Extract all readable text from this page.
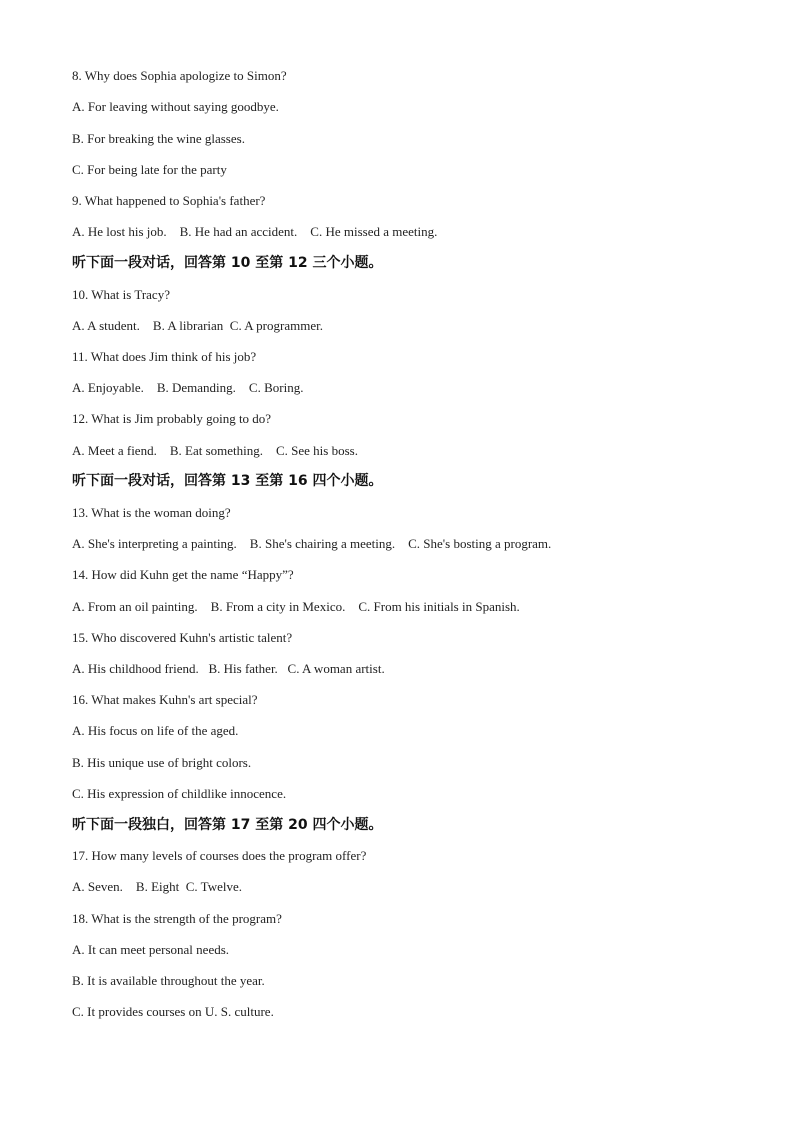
8. Why does Sophia apologize to Simon?
A. For leaving without saying goodbye.
B. For breaking the wine glasses.
C. For being late for the party
9. What happened to Sophia's father?
A. He lost his job.    B. He had an accident.    C. He missed a meeting.
听下面一段对话，回答第 10 至第 12 三个小题。
10. What is Tracy?
A. A student.    B. A librarian  C. A programmer.
11. What does Jim think of his job?
A. Enjoyable.    B. Demanding.    C. Boring.
12. What is Jim probably going to do?
A. Meet a fiend.    B. Eat something.    C. See his boss.
听下面一段对话，回答第 13 至第 16 四个小题。
13. What is the woman doing?
A. She's interpreting a painting.    B. She's chairing a meeting.    C. She's bosting a program.
14. How did Kuhn get the name “Happy”?
A. From an oil painting.    B. From a city in Mexico.    C. From his initials in Spanish.
15. Who discovered Kuhn's artistic talent?
A. His childhood friend.   B. His father.   C. A woman artist.
16. What makes Kuhn's art special?
A. His focus on life of the aged.
B. His unique use of bright colors.
C. His expression of childlike innocence.
听下面一段独白，回答第 17 至第 20 四个小题。
17. How many levels of courses does the program offer?
A. Seven.    B. Eight  C. Twelve.
18. What is the strength of the program?
A. It can meet personal needs.
B. It is available throughout the year.
C. It provides courses on U. S. culture.
